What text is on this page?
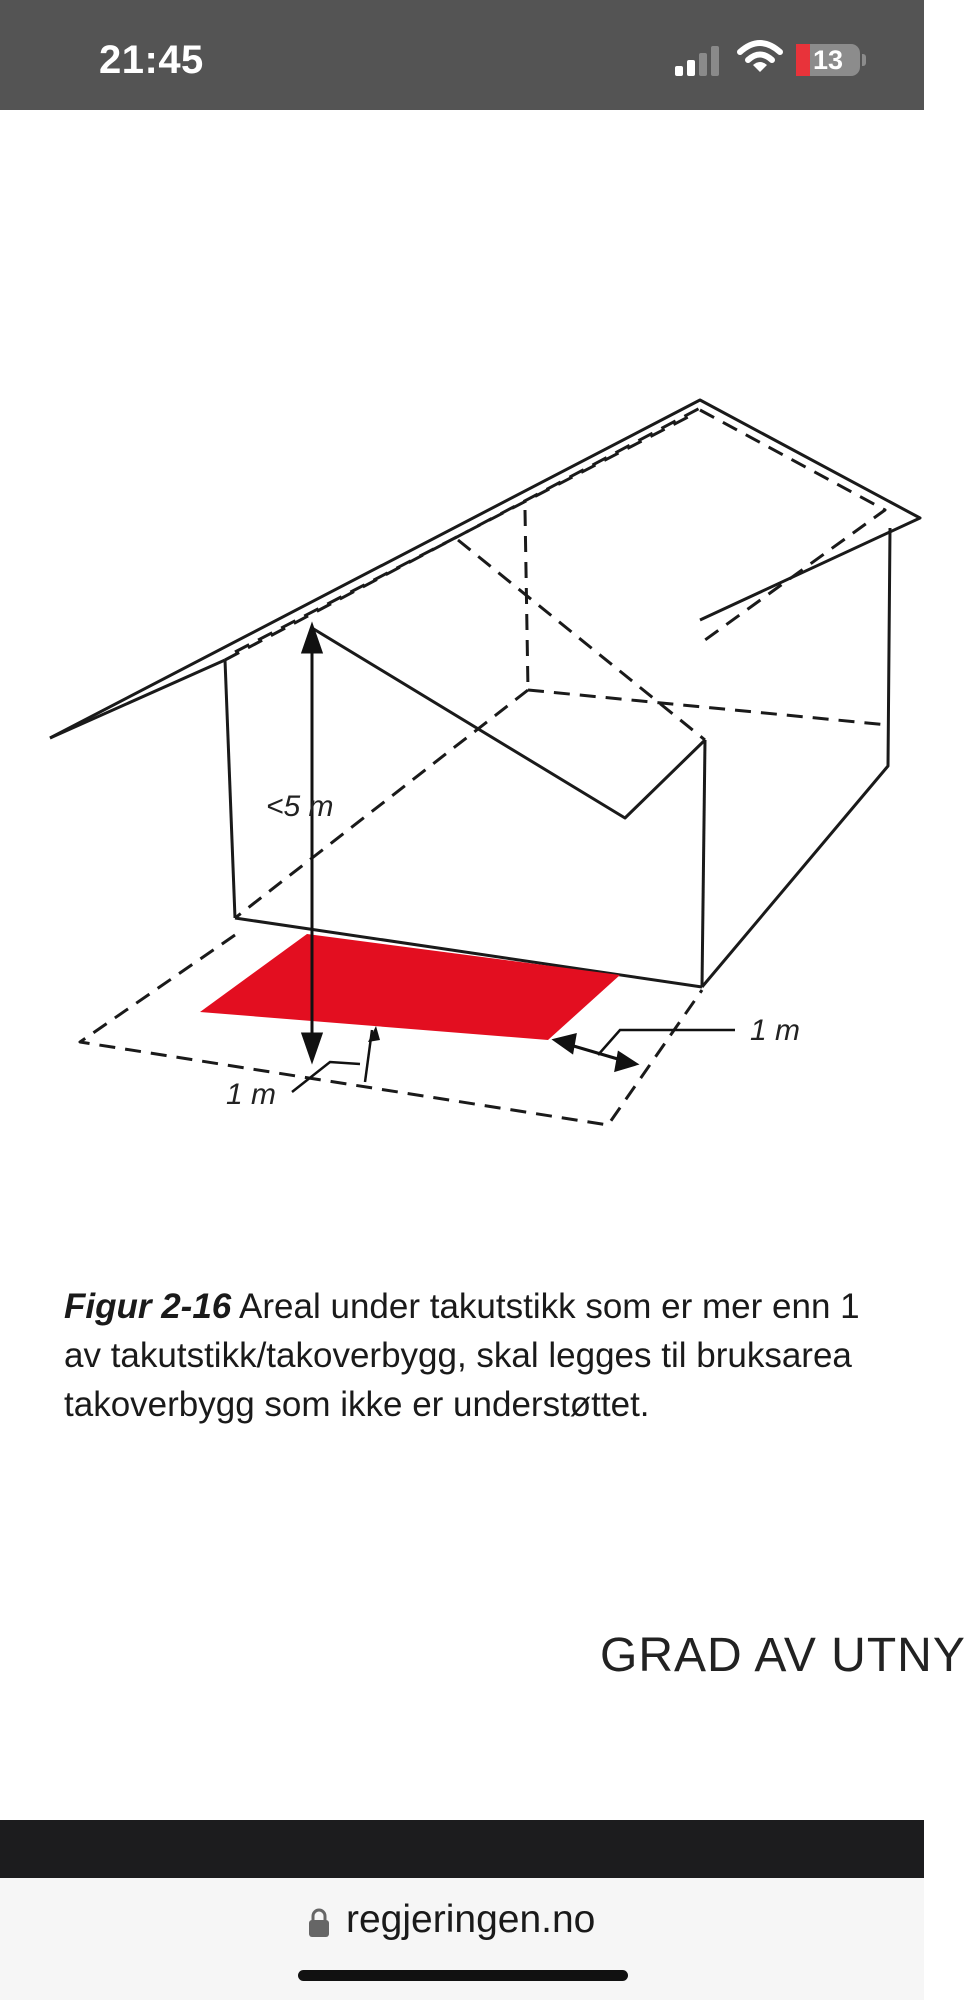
21:45	13
<5 m
1 m
1 m
Figur 2-16 Areal under takutstikk som er mer enn 1
av takutstikk/takoverbygg, skal legges til bruksarea
takoverbygg som ikke er understøttet.
GRAD AV UTNY
regjeringen.no
